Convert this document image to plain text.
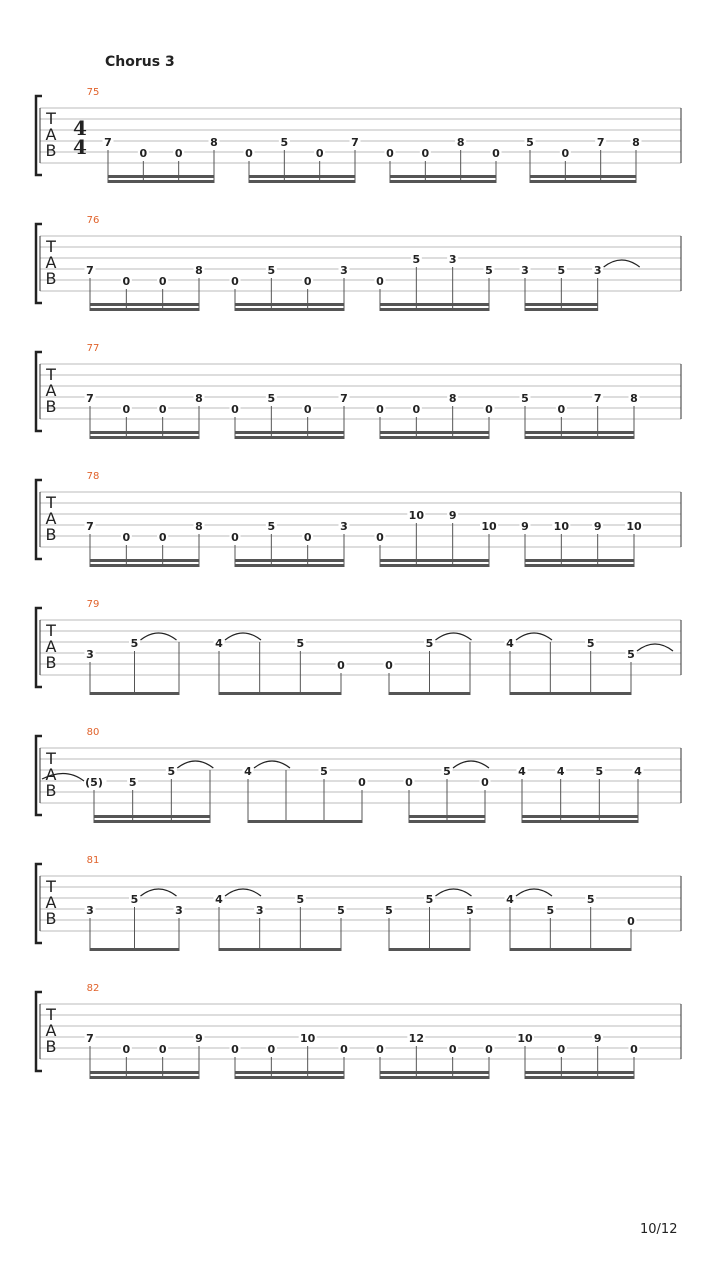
Chorus 3
T
A
B
75
4
4 7
0	0
8
0
5
0
7
0	0
8
0
5
0
7	8
T
A
B
76
7
0	0
8
0
5
0
3
0
5	3
5	3	5	3
T
A
B
77
7
0	0
8
0
5
0
7
0	0
8
0
5
0
7	8
T
A
B
78
7
0	0
8
0
5
0
3
0
10 9
10 9 10 9 10
T
A
B
79
3
5	4	5
0	0
5	4	5
5
T
A
B
80
(5) 5
5	4	5
0	0
5
0
4	4	5	4
T
A
B
81
3
5
3
4
3
5
5	5
5
5
4
5
5
0
T
A
B
82
7
0	0
9
0	0
10
0	0
12
0	0
10
0
9
0
10/12
